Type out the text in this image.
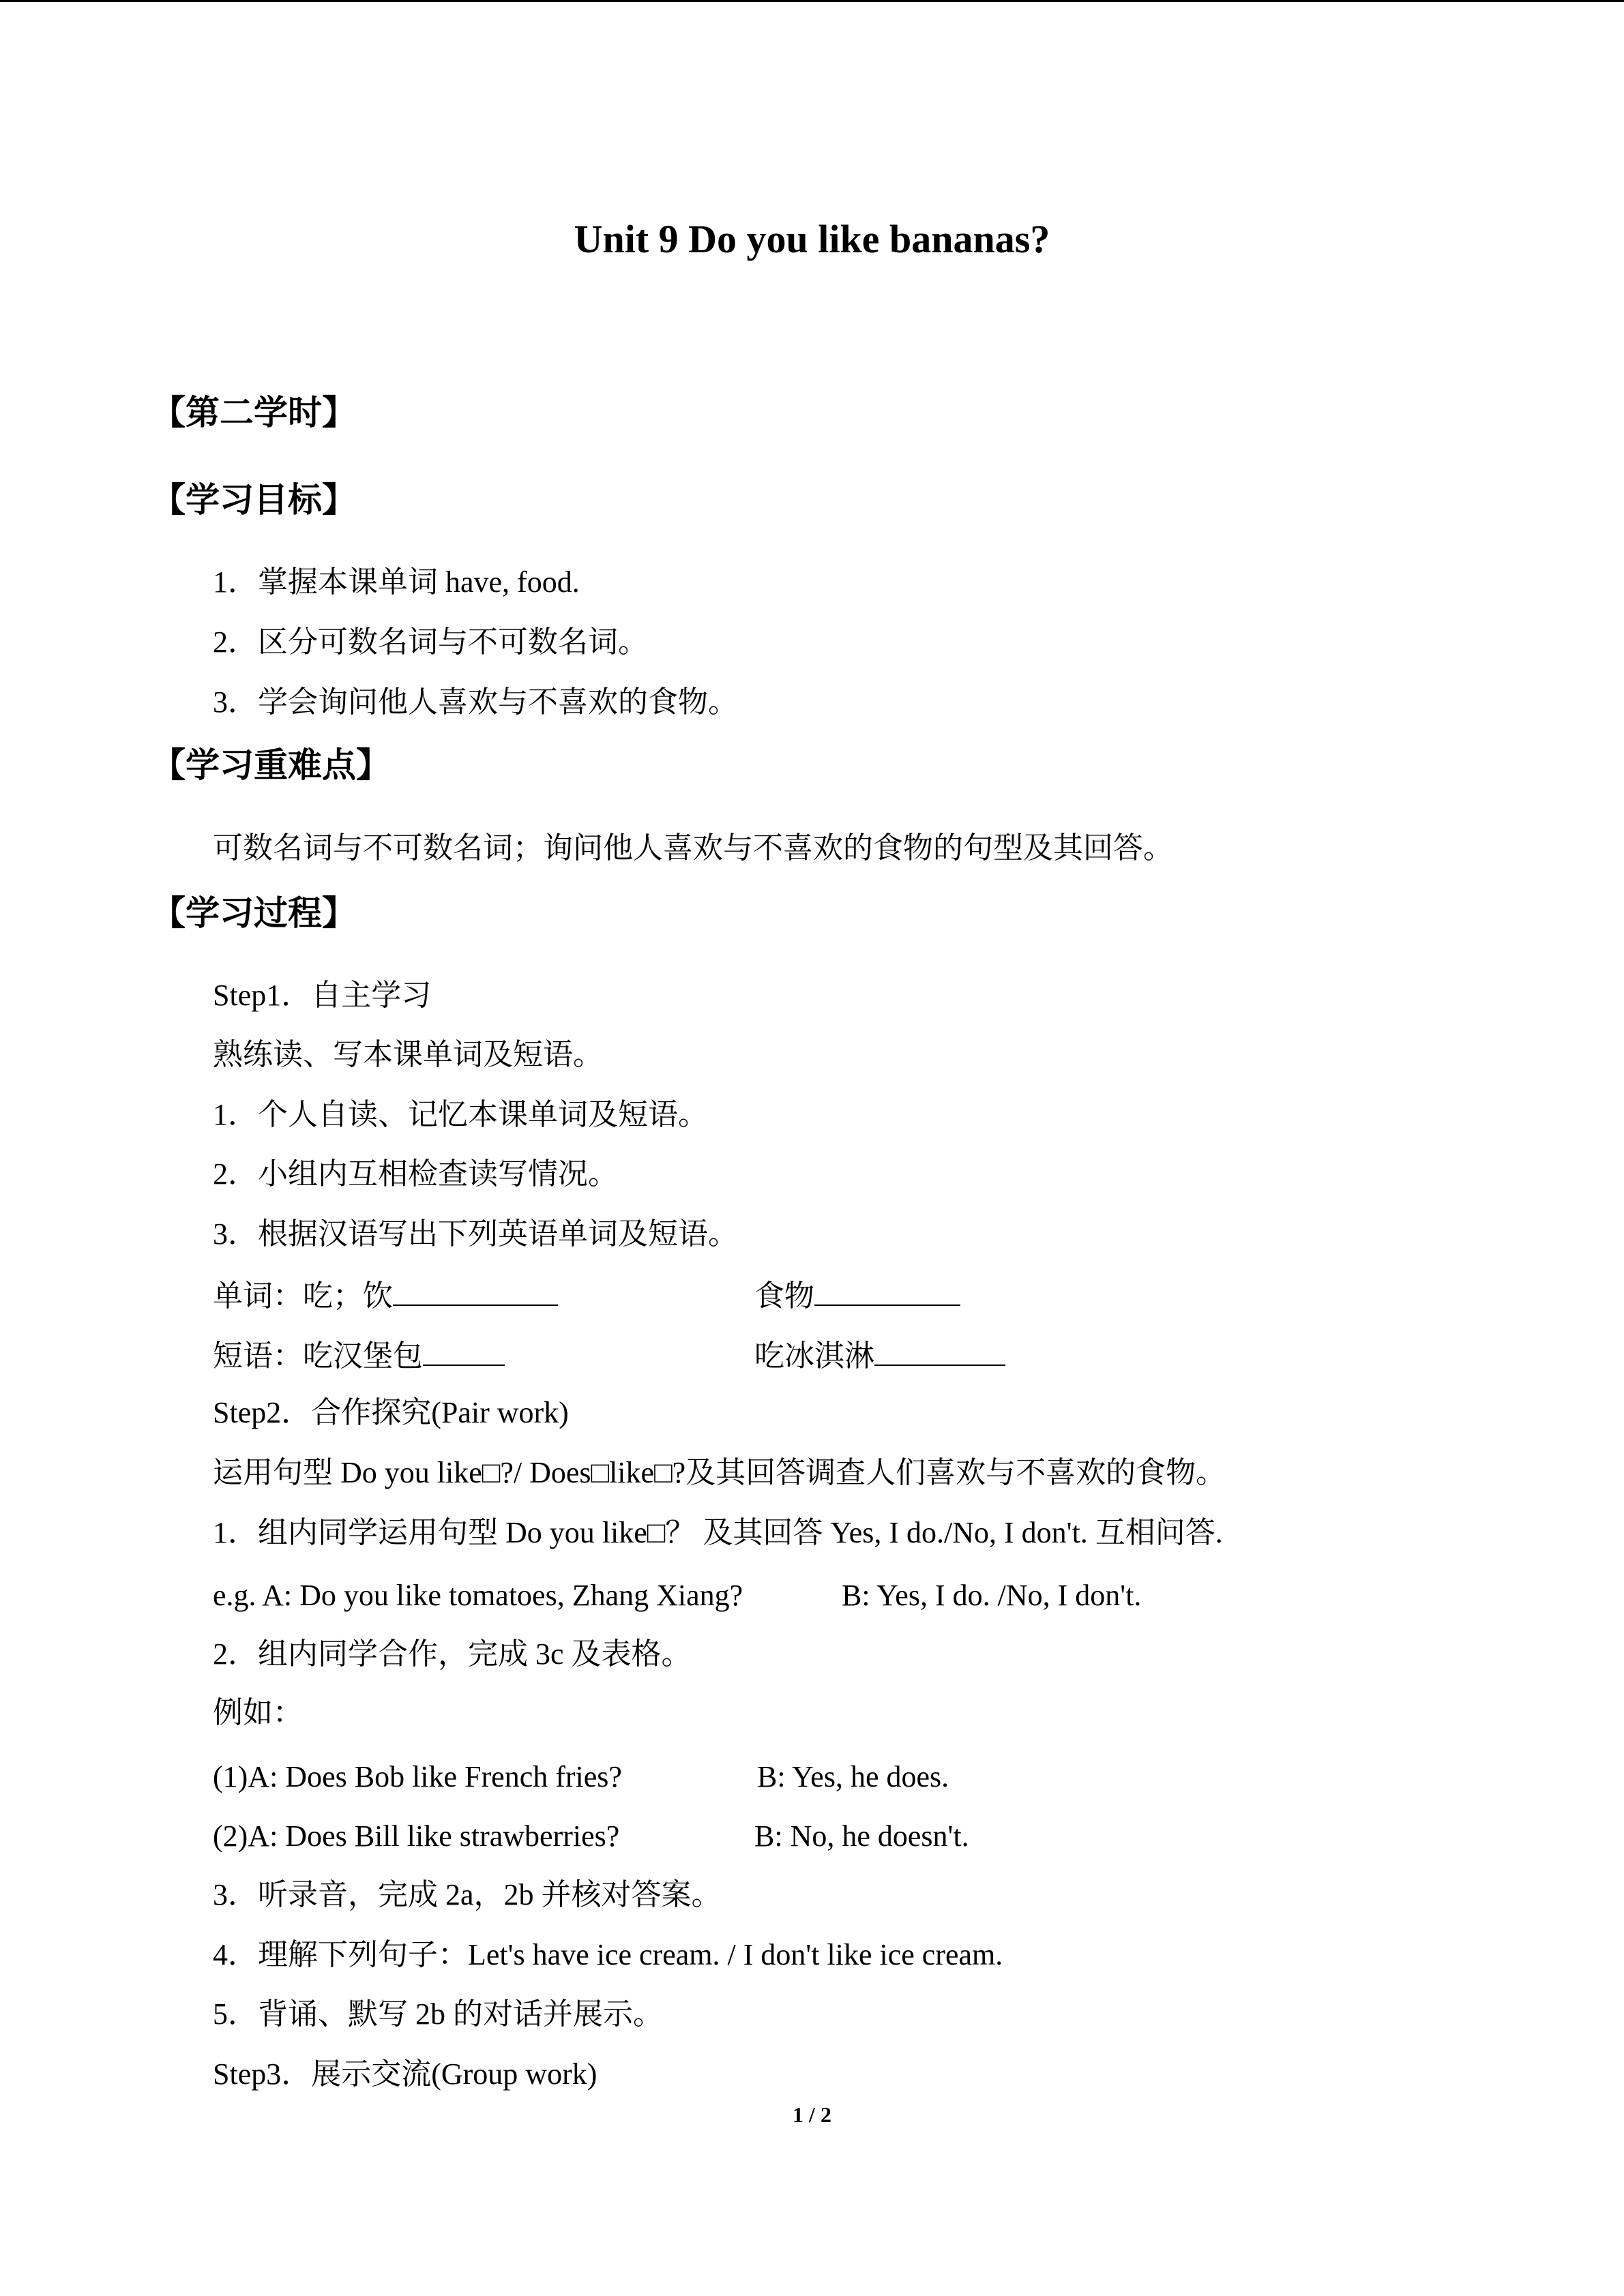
Unit 9 Do you like bananas?
【第二学时】
【学习目标】
1．掌握本课单词 have, food.
2．区分可数名词与不可数名词。
3．学会询问他人喜欢与不喜欢的食物。
【学习重难点】
可数名词与不可数名词；询问他人喜欢与不喜欢的食物的句型及其回答。
【学习过程】
Step1．自主学习
熟练读、写本课单词及短语。
1．个人自读、记忆本课单词及短语。
2．小组内互相检查读写情况。
3．根据汉语写出下列英语单词及短语。
单词：吃；饮	食物
短语：吃汉堡包	吃冰淇淋
Step2．合作探究(Pair work)
运用句型 Do you like□?/ Does□like□?及其回答调查人们喜欢与不喜欢的食物。
1．组内同学运用句型 Do you like□？ 及其回答 Yes, I do./No, I don't. 互相问答.
e.g. A: Do you like tomatoes, Zhang Xiang?	B: Yes, I do. /No, I don't.
2．组内同学合作，完成 3c 及表格。
例如：
(1)A: Does Bob like French fries?	B: Yes, he does.
(2)A: Does Bill like strawberries?	B: No, he doesn't.
3．听录音，完成 2a，2b 并核对答案。
4．理解下列句子：Let's have ice cream. / I don't like ice cream.
5．背诵、默写 2b 的对话并展示。
Step3．展示交流(Group work)
1 / 2
